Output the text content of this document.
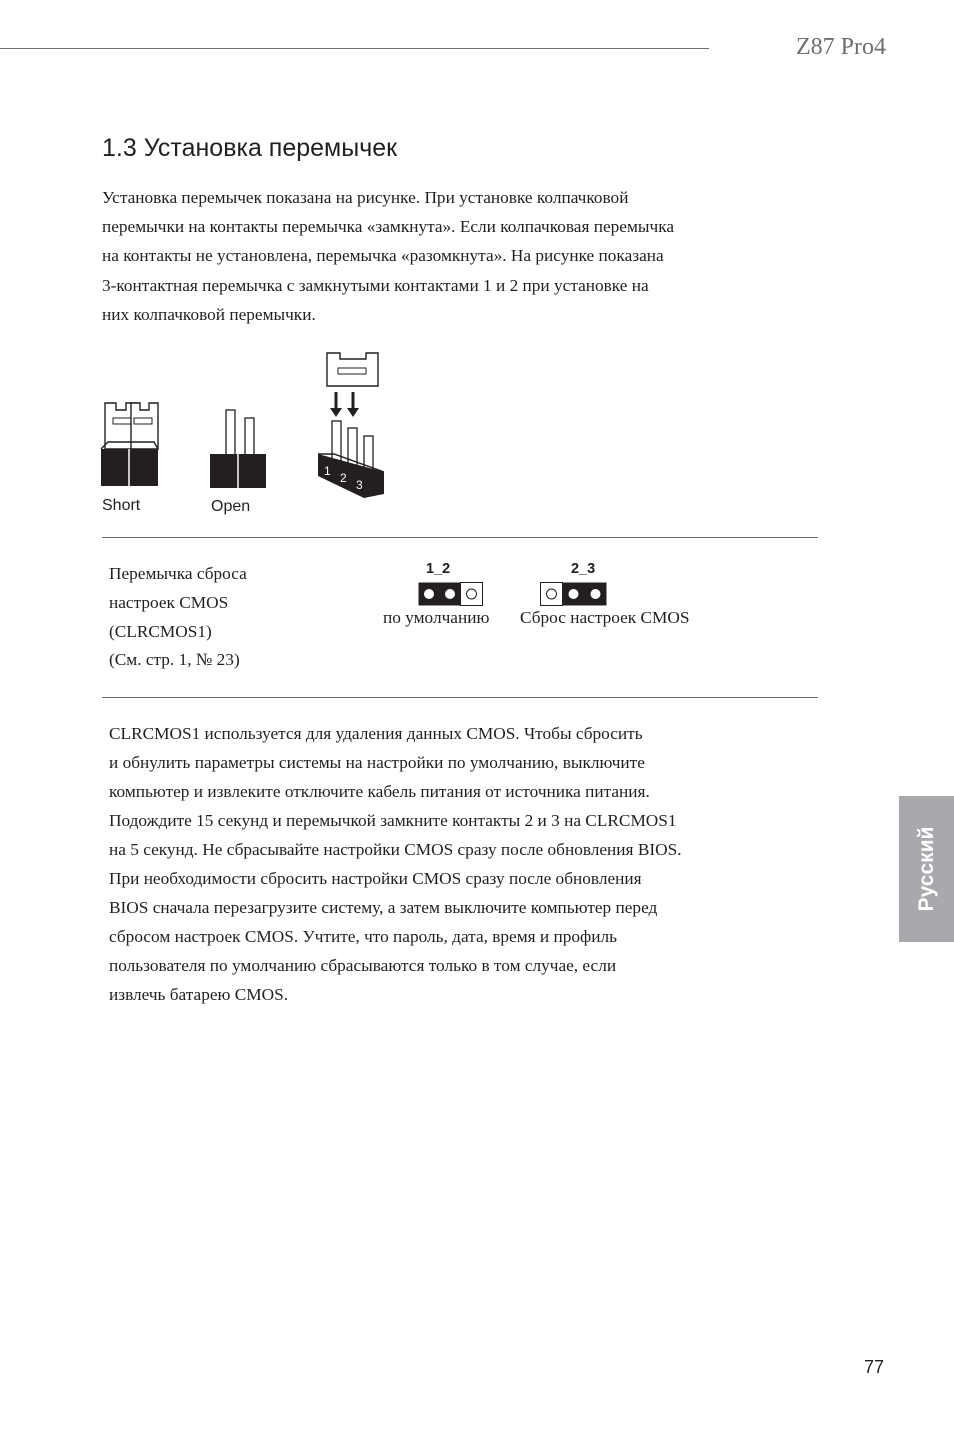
Z87 Pro4
1.3 Установка перемычек
Установка перемычек показана на рисунке. При установке колпачковой
перемычки на контакты перемычка «замкнута». Если колпачковая перемычка
на контакты не установлена, перемычка «разомкнута». На рисунке показана
3-контактная перемычка с замкнутыми контактами 1 и 2 при установке на
них колпачковой перемычки.
Short	Open
1 2 3
Перемычка сброса
настроек CMOS
(CLRCMOS1)
(См. стр. 1, № 23)
1_2
по умолчанию
2_3
Сброс настроек CMOS
CLRCMOS1 используется для удаления данных CMOS. Чтобы сбросить
и обнулить параметры системы на настройки по умолчанию, выключите
компьютер и извлеките отключите кабель питания от источника питания.
Подождите 15 секунд и перемычкой замкните контакты 2 и 3 на CLRCMOS1
на 5 секунд. Не сбрасывайте настройки CMOS сразу после обновления BIOS.
При необходимости сбросить настройки CMOS сразу после обновления
BIOS сначала перезагрузите систему, а затем выключите компьютер перед
сбросом настроек CMOS. Учтите, что пароль, дата, время и профиль
пользователя по умолчанию сбрасываются только в том случае, если
извлечь батарею CMOS.
Русский
77
